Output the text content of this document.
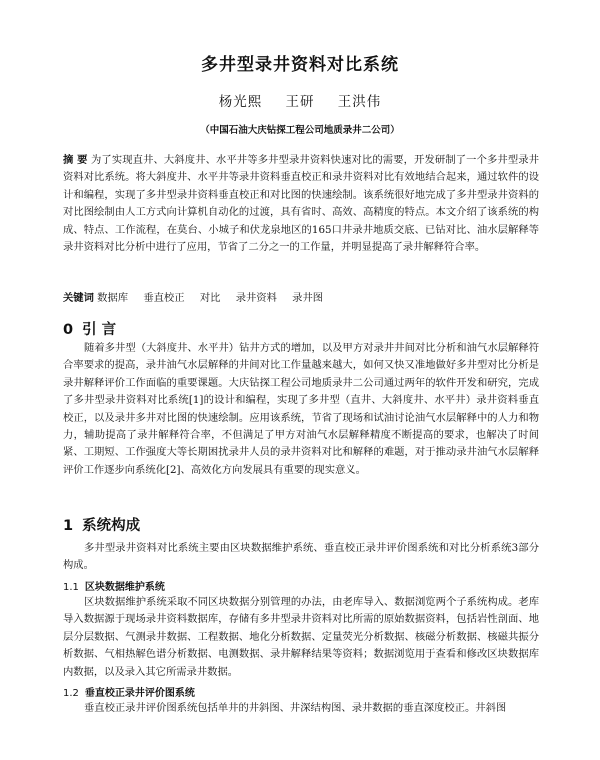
多井型录井资料对比系统
杨光熙 王研 王洪伟
（中国石油大庆钻探工程公司地质录井二公司）

摘 要 为了实现直井、大斜度井、水平井等多井型录井资料快速对比的需要，开发研制了一个多井型录井资料对比系统。将大斜度井、水平井等录井资料垂直校正和录井资料对比有效地结合起来，通过软件的设计和编程，实现了多井型录井资料垂直校正和对比图的快速绘制。该系统很好地完成了多井型录井资料的对比图绘制由人工方式向计算机自动化的过渡，具有省时、高效、高精度的特点。本文介绍了该系统的构成、特点、工作流程，在莫台、小城子和伏龙泉地区的165口井录井地质交底、已钻对比、油水层解释等录井资料对比分析中进行了应用，节省了二分之一的工作量，并明显提高了录井解释符合率。

关键词 数据库 垂直校正 对比 录井资料 录井图

0 引 言

随着多井型（大斜度井、水平井）钻井方式的增加，以及甲方对录井井间对比分析和油气水层解释符合率要求的提高，录井油气水层解释的井间对比工作量越来越大，如何又快又准地做好多井型对比分析是录井解释评价工作面临的重要课题。大庆钻探工程公司地质录井二公司通过两年的软件开发和研究，完成了多井型录井资料对比系统[1]的设计和编程，实现了多井型（直井、大斜度井、水平井）录井资料垂直校正，以及录井多井对比图的快速绘制。应用该系统，节省了现场和试油讨论油气水层解释中的人力和物力，辅助提高了录井解释符合率，不但满足了甲方对油气水层解释精度不断提高的要求，也解决了时间紧、工期短、工作强度大等长期困扰录井人员的录井资料对比和解释的难题，对于推动录井油气水层解释评价工作逐步向系统化[2]、高效化方向发展具有重要的现实意义。

1 系统构成

多井型录井资料对比系统主要由区块数据维护系统、垂直校正录井评价图系统和对比分析系统3部分构成。

1.1 区块数据维护系统

区块数据维护系统采取不同区块数据分别管理的办法，由老库导入、数据浏览两个子系统构成。老库导入数据源于现场录井资料数据库，存储有多井型录井资料对比所需的原始数据资料，包括岩性剖面、地层分层数据、气测录井数据、工程数据、地化分析数据、定量荧光分析数据、核磁分析数据、核磁共振分析数据、气相热解色谱分析数据、电测数据、录井解释结果等资料；数据浏览用于查看和修改区块数据库内数据，以及录入其它所需录井数据。

1.2 垂直校正录井评价图系统

垂直校正录井评价图系统包括单井的井斜图、井深结构图、录井数据的垂直深度校正。井斜图
